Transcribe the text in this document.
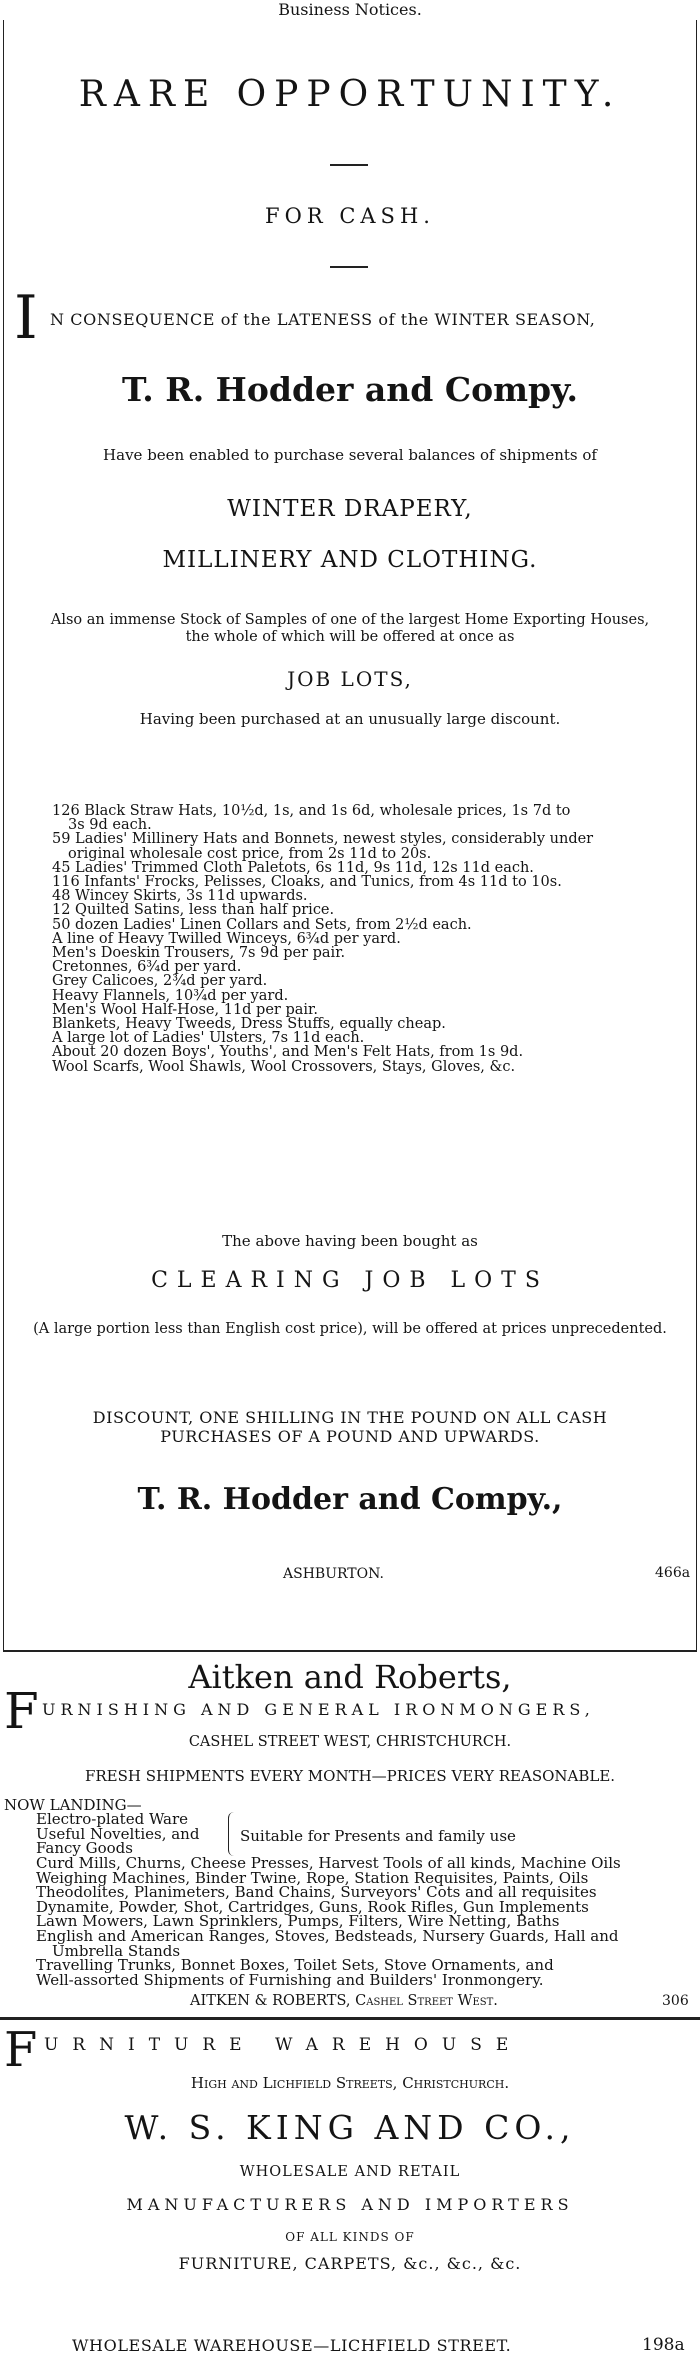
Business Notices.
RARE OPPORTUNITY.
FOR CASH.
I N CONSEQUENCE of the LATENESS of the WINTER SEASON,
T. R. Hodder and Compy.
Have been enabled to purchase several balances of shipments of
WINTER DRAPERY,
MILLINERY AND CLOTHING.
Also an immense Stock of Samples of one of the largest Home Exporting Houses,
the whole of which will be offered at once as
JOB LOTS,
Having been purchased at an unusually large discount.
126 Black Straw Hats, 10½d, 1s, and 1s 6d, wholesale prices, 1s 7d to
3s 9d each.
59 Ladies' Millinery Hats and Bonnets, newest styles, considerably under
original wholesale cost price, from 2s 11d to 20s.
45 Ladies' Trimmed Cloth Paletots, 6s 11d, 9s 11d, 12s 11d each.
116 Infants' Frocks, Pelisses, Cloaks, and Tunics, from 4s 11d to 10s.
48 Wincey Skirts, 3s 11d upwards.
12 Quilted Satins, less than half price.
50 dozen Ladies' Linen Collars and Sets, from 2½d each.
A line of Heavy Twilled Winceys, 6¾d per yard.
Men's Doeskin Trousers, 7s 9d per pair.
Cretonnes, 6¾d per yard.
Grey Calicoes, 2¾d per yard.
Heavy Flannels, 10¾d per yard.
Men's Wool Half-Hose, 11d per pair.
Blankets, Heavy Tweeds, Dress Stuffs, equally cheap.
A large lot of Ladies' Ulsters, 7s 11d each.
About 20 dozen Boys', Youths', and Men's Felt Hats, from 1s 9d.
Wool Scarfs, Wool Shawls, Wool Crossovers, Stays, Gloves, &c.
The above having been bought as
CLEARING JOB LOTS
(A large portion less than English cost price), will be offered at prices unprecedented.
DISCOUNT, ONE SHILLING IN THE POUND ON ALL CASH
PURCHASES OF A POUND AND UPWARDS.
T. R. Hodder and Compy.,
ASHBURTON.	466a
Aitken and Roberts,
F URNISHING AND GENERAL IRONMONGERS,
CASHEL STREET WEST, CHRISTCHURCH.
FRESH SHIPMENTS EVERY MONTH—PRICES VERY REASONABLE.
NOW LANDING—
Electro-plated Ware
Useful Novelties, and
Fancy Goods
Suitable for Presents and family use
Curd Mills, Churns, Cheese Presses, Harvest Tools of all kinds, Machine Oils
Weighing Machines, Binder Twine, Rope, Station Requisites, Paints, Oils
Theodolites, Planimeters, Band Chains, Surveyors' Cots and all requisites
Dynamite, Powder, Shot, Cartridges, Guns, Rook Rifles, Gun Implements
Lawn Mowers, Lawn Sprinklers, Pumps, Filters, Wire Netting, Baths
English and American Ranges, Stoves, Bedsteads, Nursery Guards, Hall and
Umbrella Stands
Travelling Trunks, Bonnet Boxes, Toilet Sets, Stove Ornaments, and
Well-assorted Shipments of Furnishing and Builders' Ironmongery.
AITKEN & ROBERTS, Cashel Street West.	306
F URNITURE WAREHOUSE
High and Lichfield Streets, Christchurch.
W. S. KING AND CO.,
WHOLESALE AND RETAIL
MANUFACTURERS AND IMPORTERS
OF ALL KINDS OF
FURNITURE, CARPETS, &c., &c., &c.
WHOLESALE WAREHOUSE—LICHFIELD STREET.	198a
